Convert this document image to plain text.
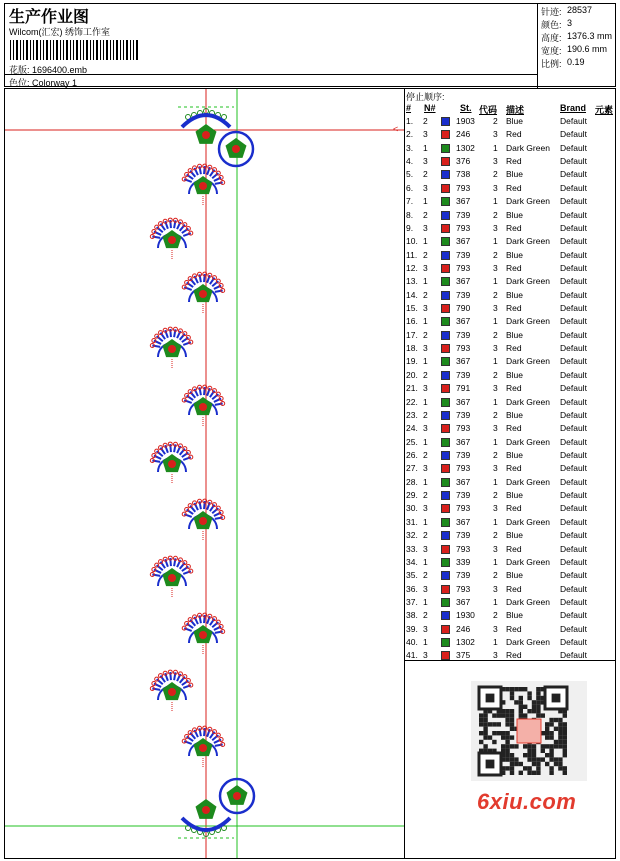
生产作业图
Wilcom(汇宏) 绣饰工作室
花版: 1696400.emb
色位: Colorway 1
针迹: 28537
颜色: 3
高度: 1376.3 mm
宽度: 190.6 mm
比例: 0.19
<
停止顺序:
# N#	St. 代码 描述	Brand 元素
1. 2	1903 2 Blue	Default
2. 3	246	3 Red	Default
3. 1	1302 1 Dark Green Default
4. 3	376	3 Red	Default
5. 2	738	2 Blue	Default
6. 3	793	3 Red	Default
7. 1	367	1 Dark Green Default
8. 2	739	2 Blue	Default
9. 3	793	3 Red	Default
10. 1	367	1 Dark Green Default
11. 2	739	2 Blue	Default
12. 3	793	3 Red	Default
13. 1	367	1 Dark Green Default
14. 2	739	2 Blue	Default
15. 3	790	3 Red	Default
16. 1	367	1 Dark Green Default
17. 2	739	2 Blue	Default
18. 3	793	3 Red	Default
19. 1	367	1 Dark Green Default
20. 2	739	2 Blue	Default
21. 3	791	3 Red	Default
22. 1	367	1 Dark Green Default
23. 2	739	2 Blue	Default
24. 3	793	3 Red	Default
25. 1	367	1 Dark Green Default
26. 2	739	2 Blue	Default
27. 3	793	3 Red	Default
28. 1	367	1 Dark Green Default
29. 2	739	2 Blue	Default
30. 3	793	3 Red	Default
31. 1	367	1 Dark Green Default
32. 2	739	2 Blue	Default
33. 3	793	3 Red	Default
34. 1	339	1 Dark Green Default
35. 2	739	2 Blue	Default
36. 3	793	3 Red	Default
37. 1	367	1 Dark Green Default
38. 2	1930 2 Blue	Default
39. 3	246	3 Red	Default
40. 1	1302 1 Dark Green Default
41. 3	375	3 Red	Default
6xiu.com
